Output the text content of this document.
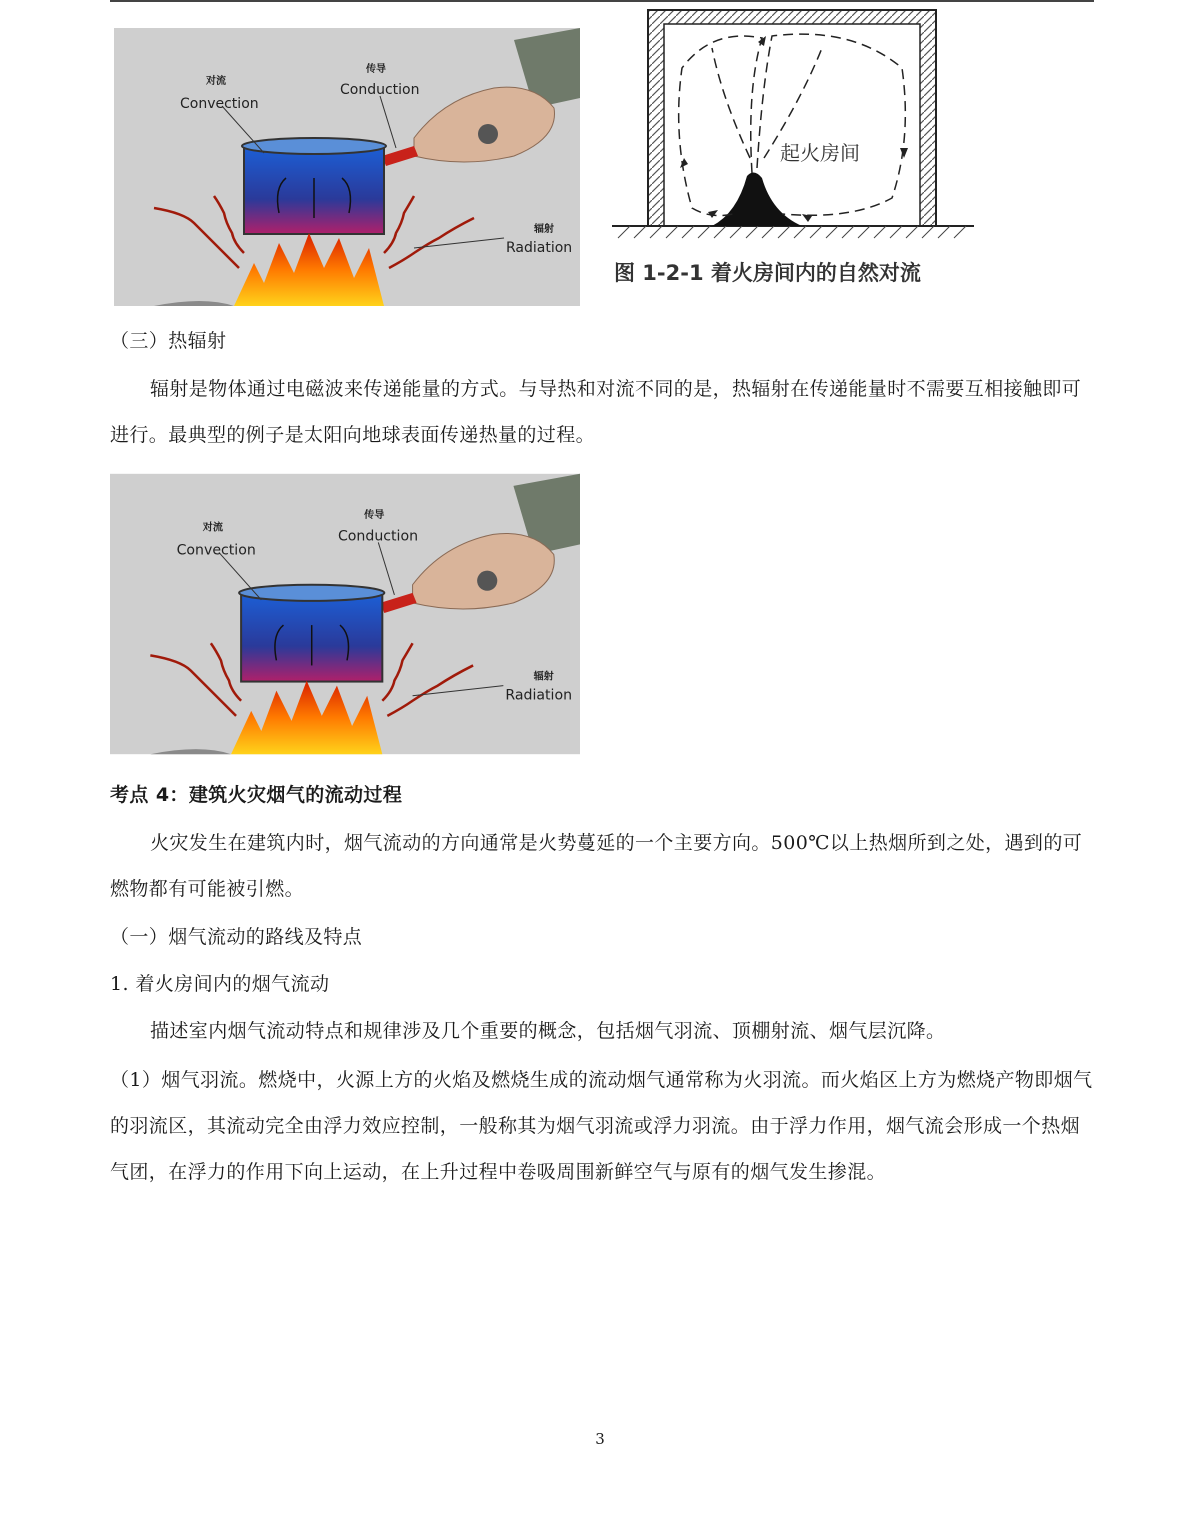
对流
Convection
传导
Conduction
辐射
Radiation
起火房间
图 1-2-1 着火房间内的自然对流
（三）热辐射
辐射是物体通过电磁波来传递能量的方式。与导热和对流不同的是，热辐射在传递能量时不需要互相接触即可进行。最典型的例子是太阳向地球表面传递热量的过程。
对流
Convection
传导
Conduction
辐射
Radiation
考点 4：建筑火灾烟气的流动过程
火灾发生在建筑内时，烟气流动的方向通常是火势蔓延的一个主要方向。500℃以上热烟所到之处，遇到的可燃物都有可能被引燃。
（一）烟气流动的路线及特点
1. 着火房间内的烟气流动
描述室内烟气流动特点和规律涉及几个重要的概念，包括烟气羽流、顶棚射流、烟气层沉降。
（1）烟气羽流。燃烧中，火源上方的火焰及燃烧生成的流动烟气通常称为火羽流。而火焰区上方为燃烧产物即烟气的羽流区，其流动完全由浮力效应控制，一般称其为烟气羽流或浮力羽流。由于浮力作用，烟气流会形成一个热烟气团，在浮力的作用下向上运动，在上升过程中卷吸周围新鲜空气与原有的烟气发生掺混。
3
